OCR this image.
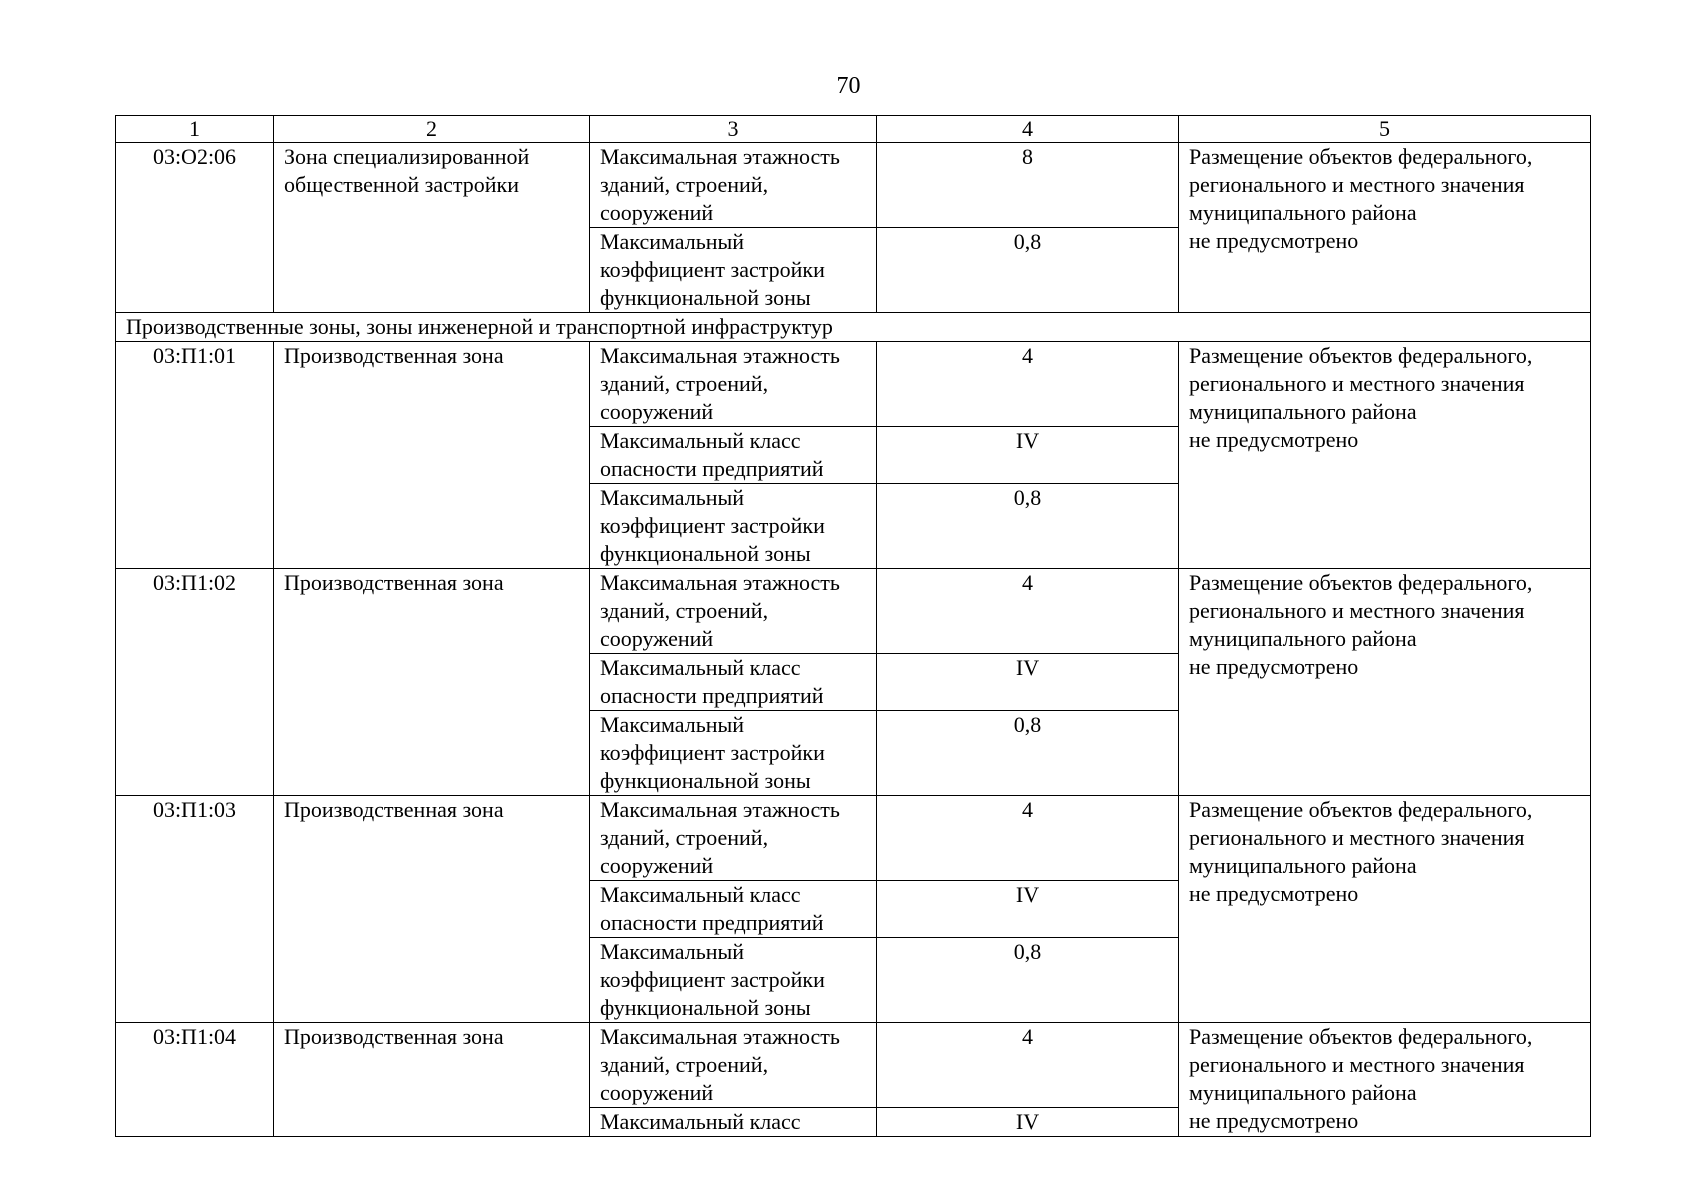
70
1	2	3	4	5
03:О2:06	Зона специализированной общественной застройки	Максимальная этажность зданий, строений, сооружений	8	Размещение объектов федерального,
регионального и местного значения
муниципального района
не предусмотрено
		Максимальный коэффициент застройки функциональной зоны	0,8	
Производственные зоны, зоны инженерной и транспортной инфраструктур				
03:П1:01	Производственная зона	Максимальная этажность зданий, строений, сооружений	4	Размещение объектов федерального,
регионального и местного значения
муниципального района
не предусмотрено
		Максимальный класс опасности предприятий	IV	
		Максимальный коэффициент застройки функциональной зоны	0,8	
03:П1:02	Производственная зона	Максимальная этажность зданий, строений, сооружений	4	Размещение объектов федерального,
регионального и местного значения
муниципального района
не предусмотрено
		Максимальный класс опасности предприятий	IV	
		Максимальный коэффициент застройки функциональной зоны	0,8	
03:П1:03	Производственная зона	Максимальная этажность зданий, строений, сооружений	4	Размещение объектов федерального,
регионального и местного значения
муниципального района
не предусмотрено
		Максимальный класс опасности предприятий	IV	
		Максимальный коэффициент застройки функциональной зоны	0,8	
03:П1:04	Производственная зона	Максимальная этажность зданий, строений, сооружений	4	Размещение объектов федерального,
регионального и местного значения
муниципального района
не предусмотрено
		Максимальный класс	IV	
